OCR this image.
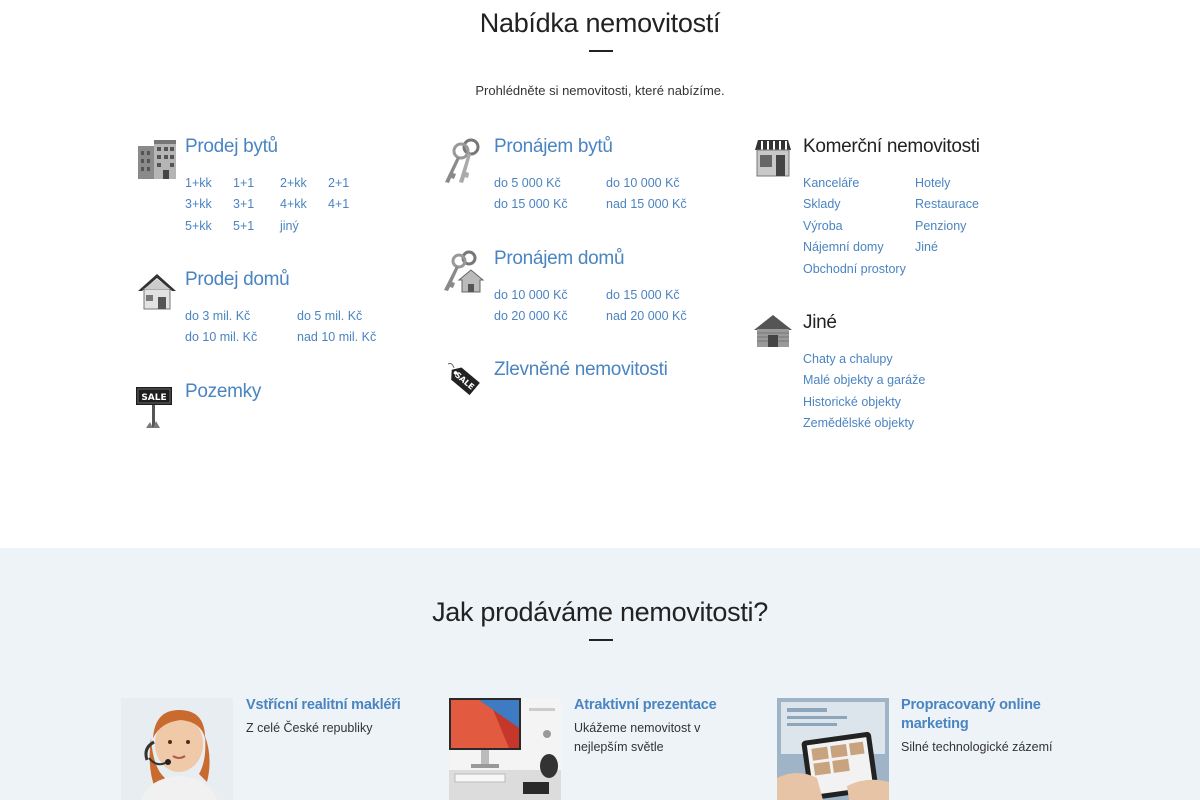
Nabídka nemovitostí
Prohlédněte si nemovitosti, které nabízíme.
Prodej bytů
1+kk 1+1 2+kk 2+1
3+kk 3+1 4+kk 4+1
5+kk 5+1 jiný
Prodej domů
do 3 mil. Kč	do 5 mil. Kč
do 10 mil. Kč	nad 10 mil. Kč
SALE Pozemky
Pronájem bytů
do 5 000 Kč	do 10 000 Kč
do 15 000 Kč	nad 15 000 Kč
Pronájem domů
do 10 000 Kč	do 15 000 Kč
do 20 000 Kč	nad 20 000 Kč
SALE
Zlevněné nemovitosti
Komerční nemovitosti
Kanceláře	Hotely
Sklady	Restaurace
Výroba	Penziony
Nájemní domy	Jiné
Obchodní prostory
Jiné
Chaty a chalupy
Malé objekty a garáže
Historické objekty
Zemědělské objekty
Jak prodáváme nemovitosti?
Vstřícní realitní makléři
Z celé České republiky
Atraktivní prezentace
Ukážeme nemovitost v nejlepším světle
Propracovaný online marketing
Silné technologické zázemí
